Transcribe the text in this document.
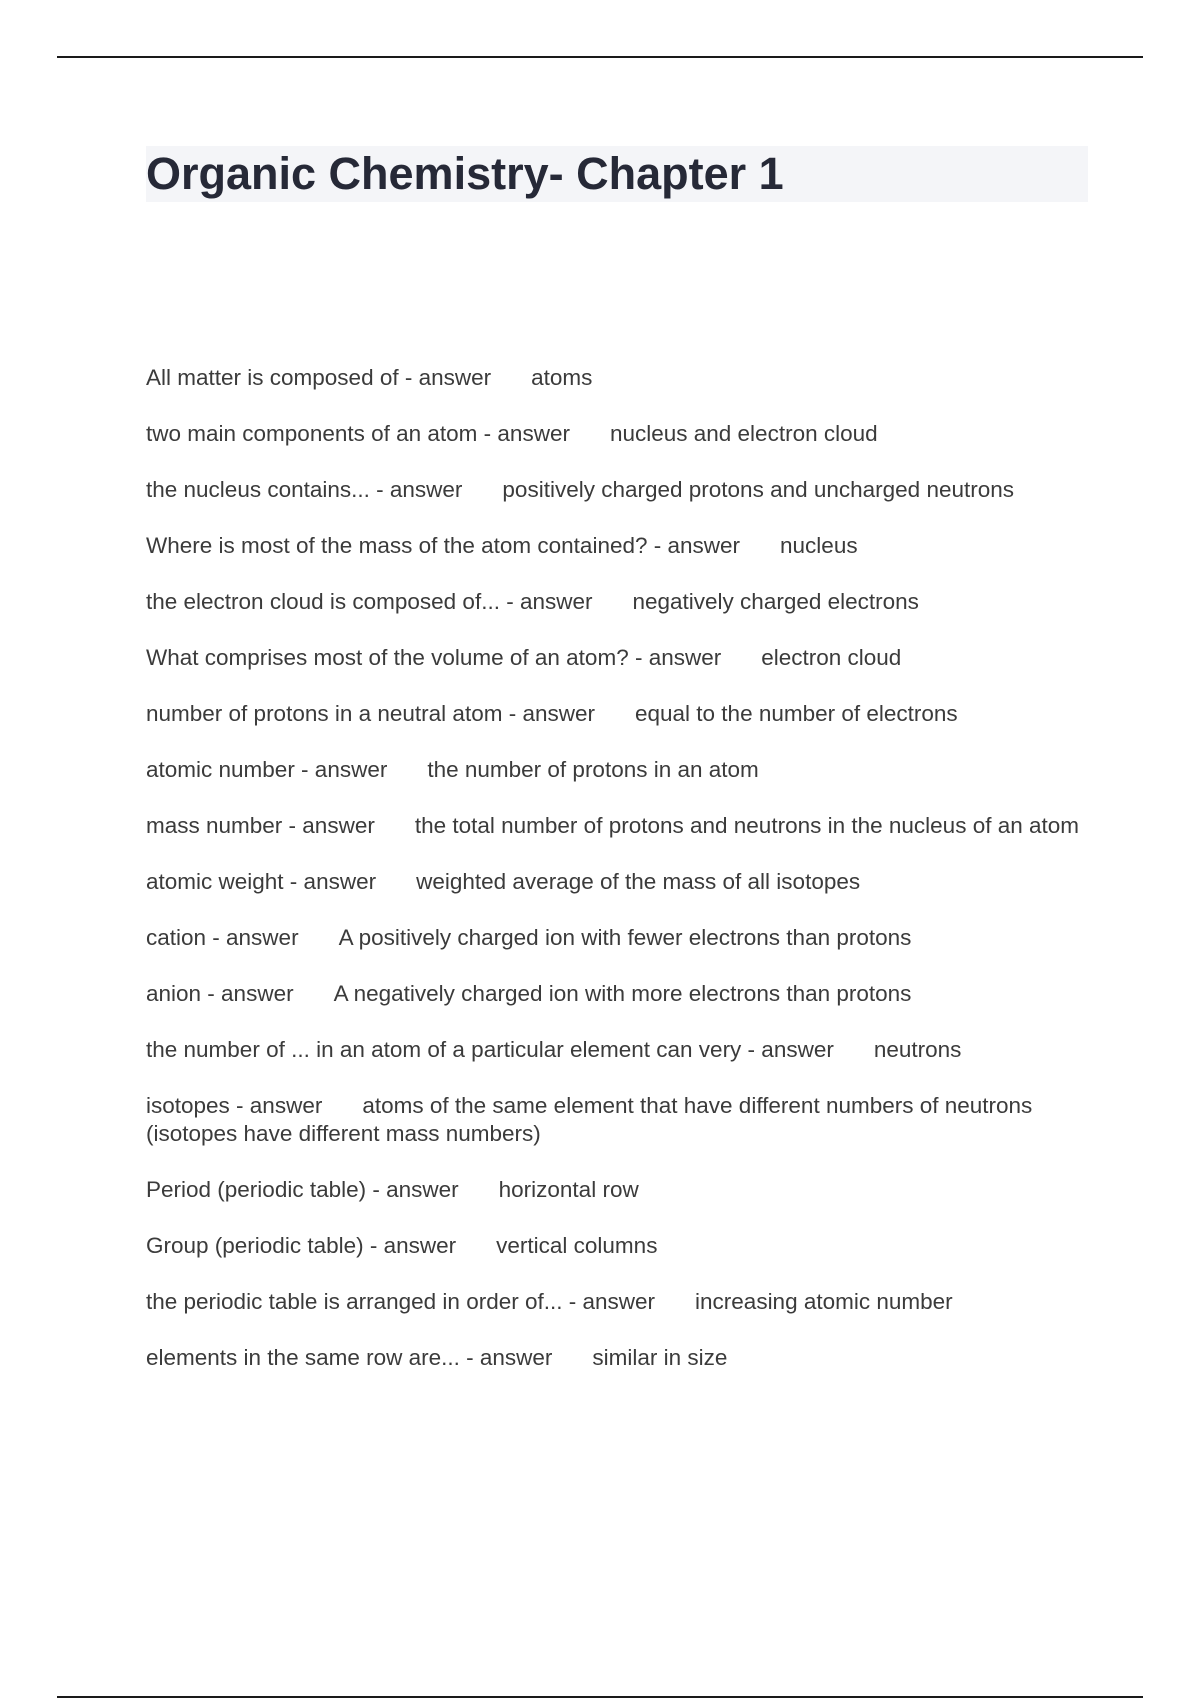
Organic Chemistry- Chapter 1
All matter is composed of - answer atoms
two main components of an atom - answer nucleus and electron cloud
the nucleus contains... - answer positively charged protons and uncharged neutrons
Where is most of the mass of the atom contained? - answer nucleus
the electron cloud is composed of... - answer negatively charged electrons
What comprises most of the volume of an atom? - answer electron cloud
number of protons in a neutral atom - answer equal to the number of electrons
atomic number - answer the number of protons in an atom
mass number - answer the total number of protons and neutrons in the nucleus of an atom
atomic weight - answer weighted average of the mass of all isotopes
cation - answer A positively charged ion with fewer electrons than protons
anion - answer A negatively charged ion with more electrons than protons
the number of ... in an atom of a particular element can very - answer neutrons
isotopes - answer atoms of the same element that have different numbers of neutrons (isotopes have different mass numbers)
Period (periodic table) - answer horizontal row
Group (periodic table) - answer vertical columns
the periodic table is arranged in order of... - answer increasing atomic number
elements in the same row are... - answer similar in size
